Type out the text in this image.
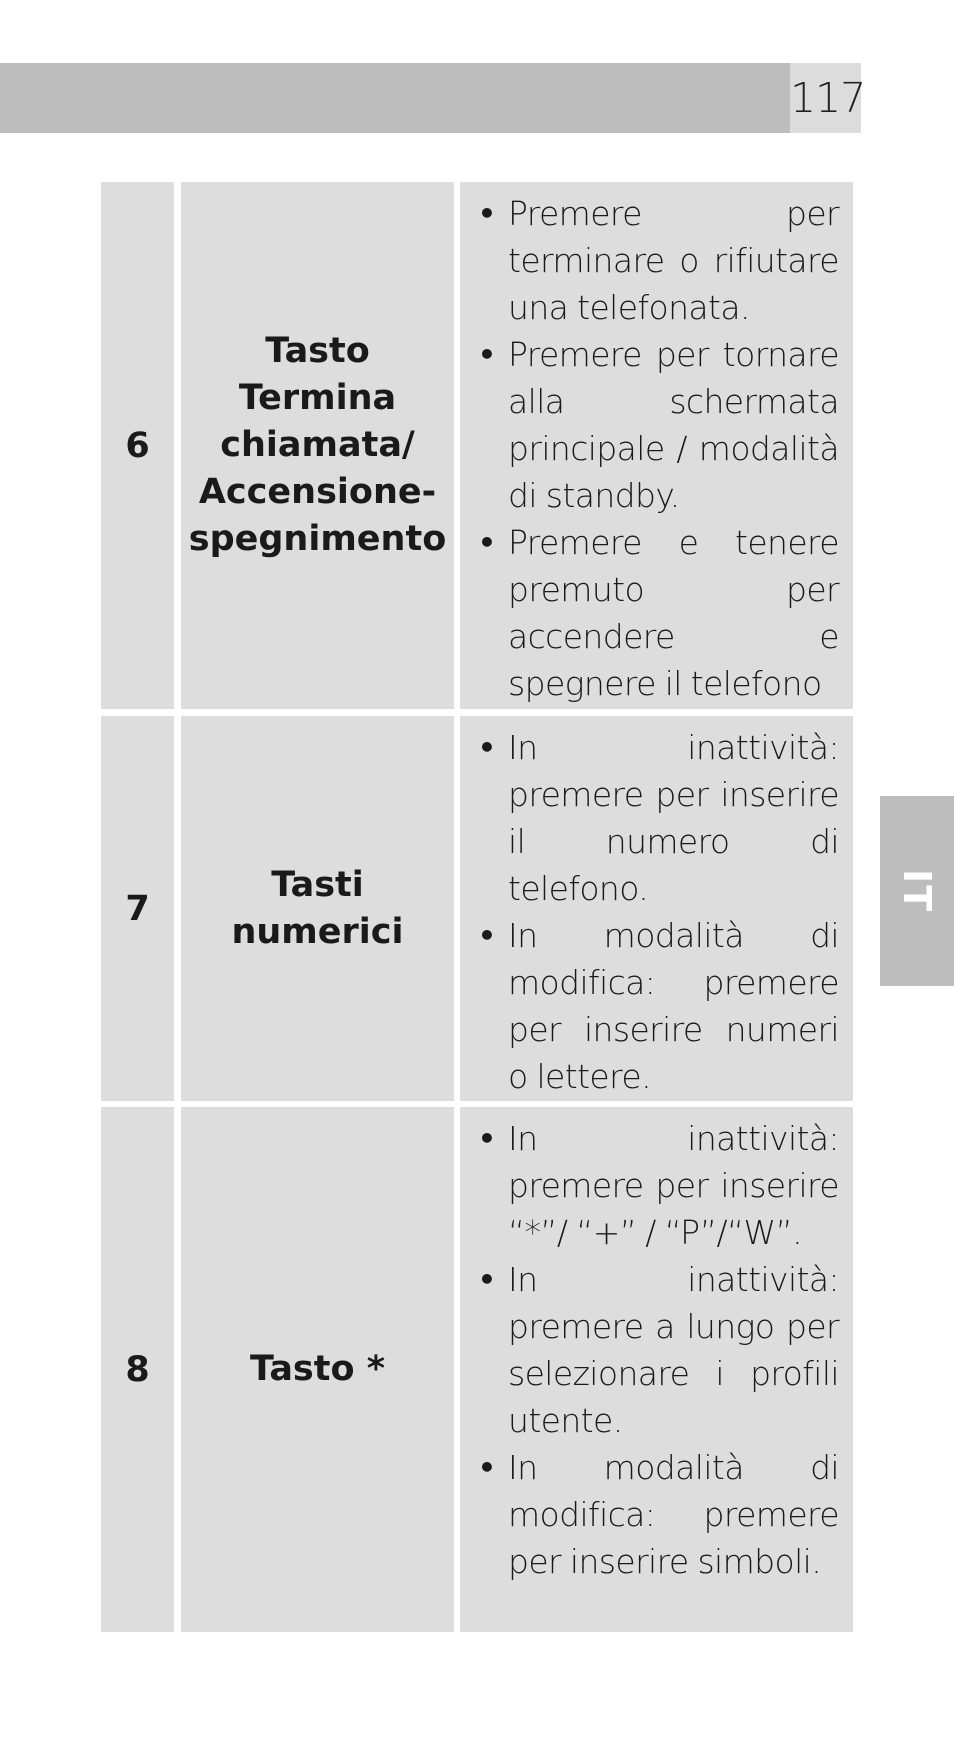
117
IT
6
Tasto
Termina
chiamata/
Accensione-
spegnimento
• Premere per terminare o rifiutare una telefonata.
• Premere per tornare alla schermata principale / modalità di standby.
• Premere e tenere premuto per accendere e spegnere il telefono
7
Tasti
numerici
• In inattività: premere per inserire il numero di telefono.
• In modalità di modifica: premere per inserire numeri o lettere.
8	Tasto *
• In inattività: premere per inserire “*”/ “+” / “P”/“W”.
• In inattività: premere a lungo per selezionare i profili utente.
• In modalità di modifica: premere per inserire simboli.
